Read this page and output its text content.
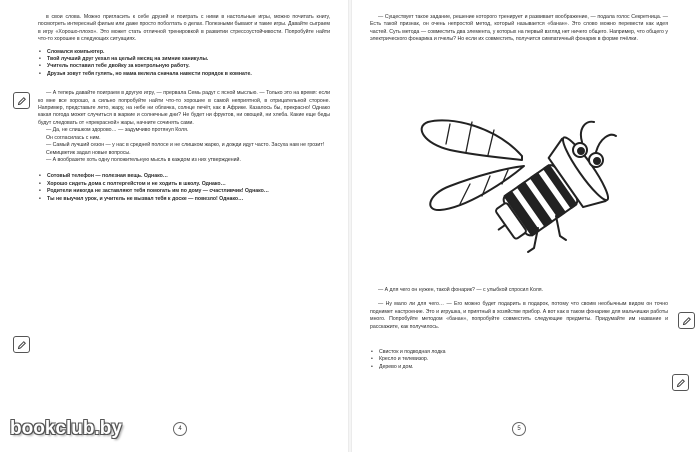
в свои слова. Можно пригласить к себе друзей и поиграть с ними в настольные игры, можно почитать книгу, посмотреть интересный фильм или даже просто поболтать о делах. Полезными бывают и такие игры. Давайте сыграем в игру «Хорошо-плохо». Это может стать отличной тренировкой в развитии стрессоустойчивости. Попробуйте найти что-то хорошее в следующих ситуациях.

• Сломался компьютер.
• Твой лучший друг уехал на целый месяц на зимние каникулы.
• Учитель поставил тебе двойку за контрольную работу.
• Друзья зовут тебя гулять, но мама велела сначала навести порядок в комнате.

— А теперь давайте поиграем в другую игру, — прервала Семь радуг с ясной мыслью. — Только это на время: если ко мне все хорошо, а сильно попробуйте найти что-то хорошее в самой неприятной, в отрицательной стороне. Например, представьте лето, жару, на небе ни облачка, солнце печёт, как в Африке. Казалось бы, прекрасно! Однако какая погода может случиться в жаркие и солнечные дни? Не будет ни фруктов, ни овощей, ни хлеба. Какие еще беды будут следовать от «прекрасной» жары, начните сочинять сами.

— Да, не слишком здорово… — задумчиво протянул Коля.

Он согласилась с ним.

— Самый лучший сезон — у нас в средней полосе и не слишком жарко, и дожди идут часто. Засуха нам не грозит!

Семицветик задал новые вопросы.

— А вообразите хоть одну положительную мысль в каждом из них утверждений.

• Сотовый телефон — полезная вещь. Однако…
• Хорошо сидеть дома с полтергейстом и не ходить в школу. Однако…
• Родители никогда не заставляют тебя помогать им по дому — счастливчик! Однако…
• Ты не выучил урок, и учитель не вызвал тебя к доске — повезло! Однако…
4

— Существует такое задание, решение которого тренирует и развивает воображение, — подала голос Секретница. — Есть такой признак, он очень непростой метод, который называется «банан». Это слово можно перевести как идея частей. Суть метода — совместить два элемента, у которых на первый взгляд нет ничего общего. Например, что общего у электрического фонарика и пчелы? Но если их совместить, получится симпатичный фонарик в форме пчёлки.

— А для чего он нужен, такой фонарик? — с улыбкой спросил Коля.

— Ну мало ли для чего… — Его можно будет подарить в подарок, потому что своим необычным видом он точно поднимет настроение. Это и игрушка, и приятный в хозяйстве прибор. А вот как в таком фонарике для мальчишки работы много. Попробуйте методом «банан», попробуйте совместить следующие предметы. Придумайте им название и расскажите, как получилось.

• Свисток и подводная лодка
• Кресло и телевизор.
• Дерево и дом.
5
bookclub.by
